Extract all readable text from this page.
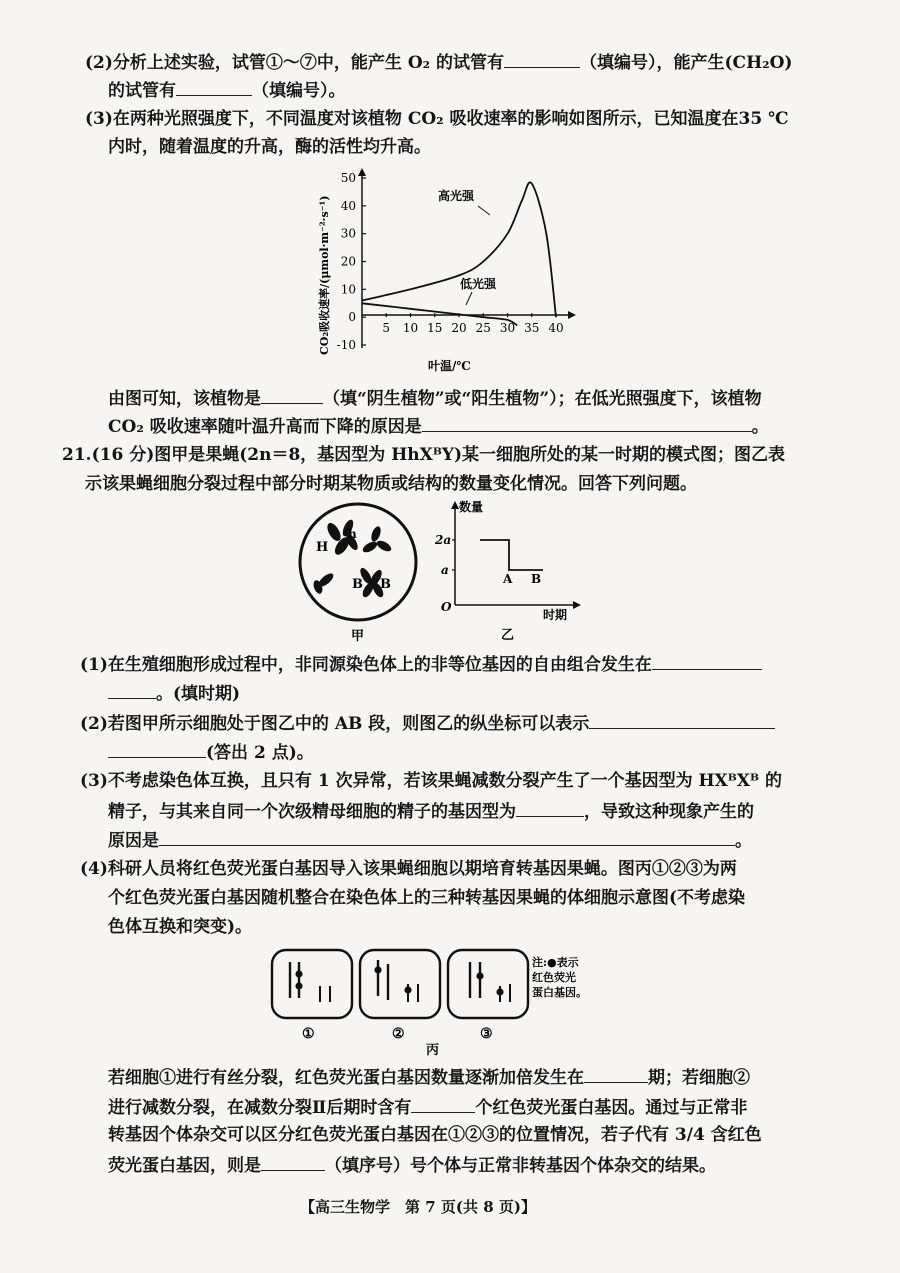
(2)分析上述实验，试管①～⑦中，能产生 O₂ 的试管有	（填编号），能产生(CH₂O)
的试管有	（填编号）。
(3)在两种光照强度下，不同温度对该植物 CO₂ 吸收速率的影响如图所示，已知温度在35 ℃
内时，随着温度的升高，酶的活性均升高。
CO₂吸收速率/(μmol·m⁻²·s⁻¹)
50
40
30
20
10
0
-10
5 10 15 20 25 30 35 40
高光强
低光强
叶温/℃
由图可知，该植物是	（填“阴生植物”或“阳生植物”）；在低光照强度下，该植物
CO₂ 吸收速率随叶温升高而下降的原因是	。
21.(16 分)图甲是果蝇(2n＝8，基因型为 HhXᴮY)某一细胞所处的某一时期的模式图；图乙表
示该果蝇细胞分裂过程中部分时期某物质或结构的数量变化情况。回答下列问题。
H
h
B B
甲
数量
时期
O
2a
a
A B
乙
(1)在生殖细胞形成过程中，非同源染色体上的非等位基因的自由组合发生在
。(填时期)
(2)若图甲所示细胞处于图乙中的 AB 段，则图乙的纵坐标可以表示
(答出 2 点)。
(3)不考虑染色体互换，且只有 1 次异常，若该果蝇减数分裂产生了一个基因型为 HXᴮXᴮ 的
精子，与其来自同一个次级精母细胞的精子的基因型为	，导致这种现象产生的
原因是	。
(4)科研人员将红色荧光蛋白基因导入该果蝇细胞以期培育转基因果蝇。图丙①②③为两
个红色荧光蛋白基因随机整合在染色体上的三种转基因果蝇的体细胞示意图(不考虑染
色体互换和突变)。
①	②	③
注:●表示
红色荧光
蛋白基因。
丙
若细胞①进行有丝分裂，红色荧光蛋白基因数量逐渐加倍发生在	期；若细胞②
进行减数分裂，在减数分裂Ⅱ后期时含有	个红色荧光蛋白基因。通过与正常非
转基因个体杂交可以区分红色荧光蛋白基因在①②③的位置情况，若子代有 3/4 含红色
荧光蛋白基因，则是	（填序号）号个体与正常非转基因个体杂交的结果。
【高三生物学　第 7 页(共 8 页)】
